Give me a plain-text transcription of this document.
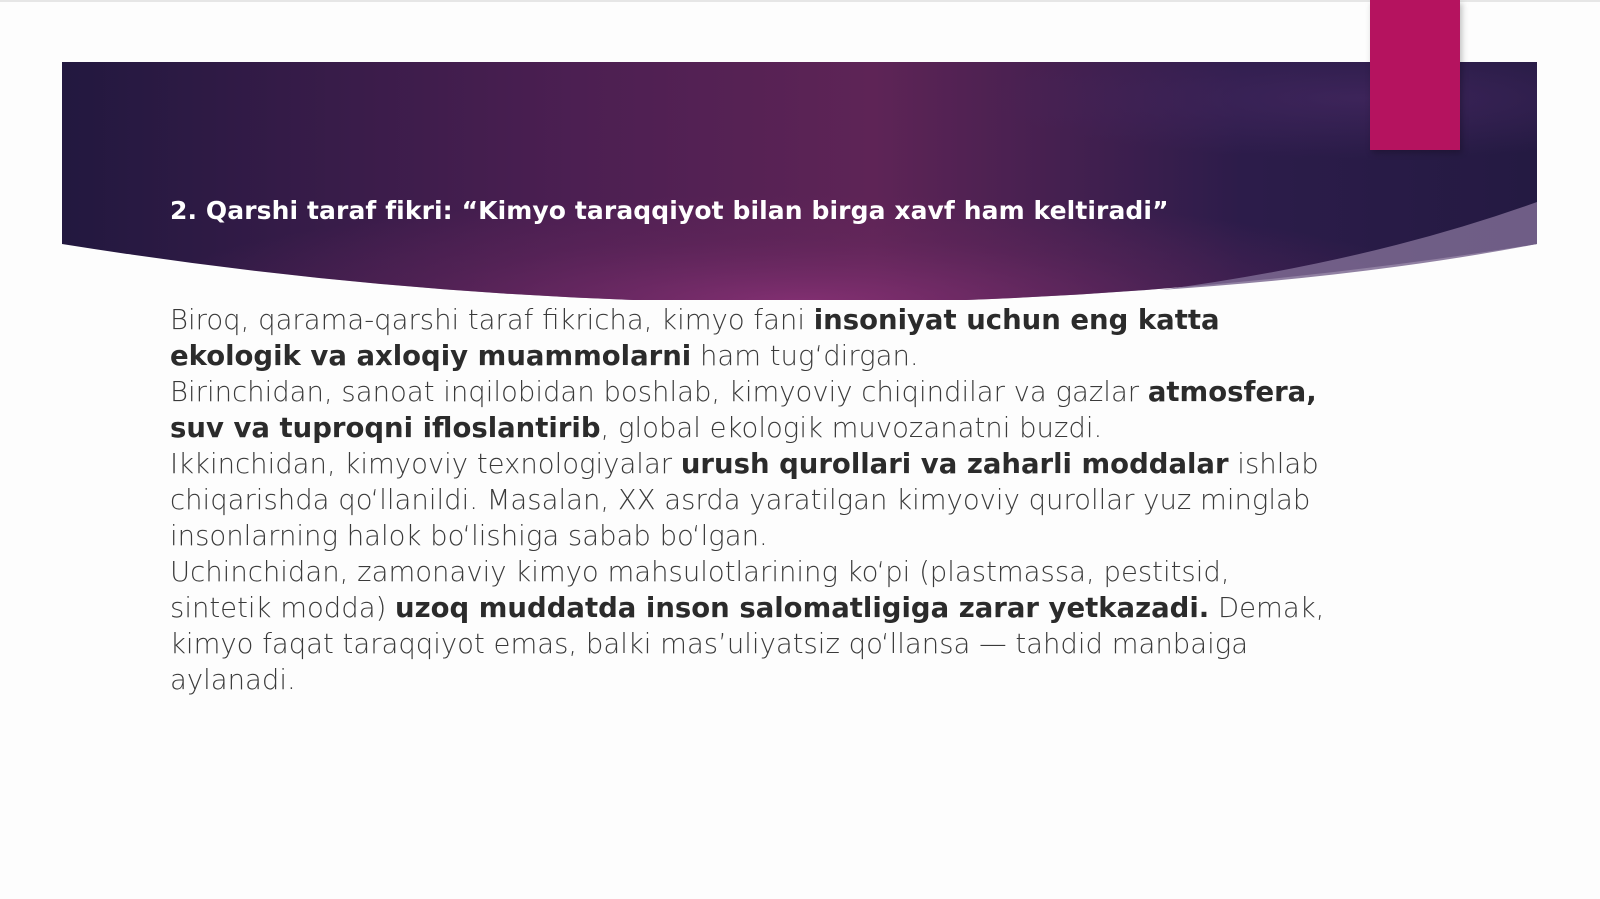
2. Qarshi taraf fikri: “Kimyo taraqqiyot bilan birga xavf ham keltiradi”

Biroq, qarama-qarshi taraf fikricha, kimyo fani insoniyat uchun eng katta ekologik va axloqiy muammolarni ham tug‘dirgan.

Birinchidan, sanoat inqilobidan boshlab, kimyoviy chiqindilar va gazlar atmosfera, suv va tuproqni ifloslantirib, global ekologik muvozanatni buzdi.

Ikkinchidan, kimyoviy texnologiyalar urush qurollari va zaharli moddalar ishlab chiqarishda qo‘llanildi. Masalan, XX asrda yaratilgan kimyoviy qurollar yuz minglab insonlarning halok bo‘lishiga sabab bo‘lgan.

Uchinchidan, zamonaviy kimyo mahsulotlarining ko‘pi (plastmassa, pestitsid, sintetik modda) uzoq muddatda inson salomatligiga zarar yetkazadi. Demak, kimyo faqat taraqqiyot emas, balki mas’uliyatsiz qo‘llansa — tahdid manbaiga aylanadi.
